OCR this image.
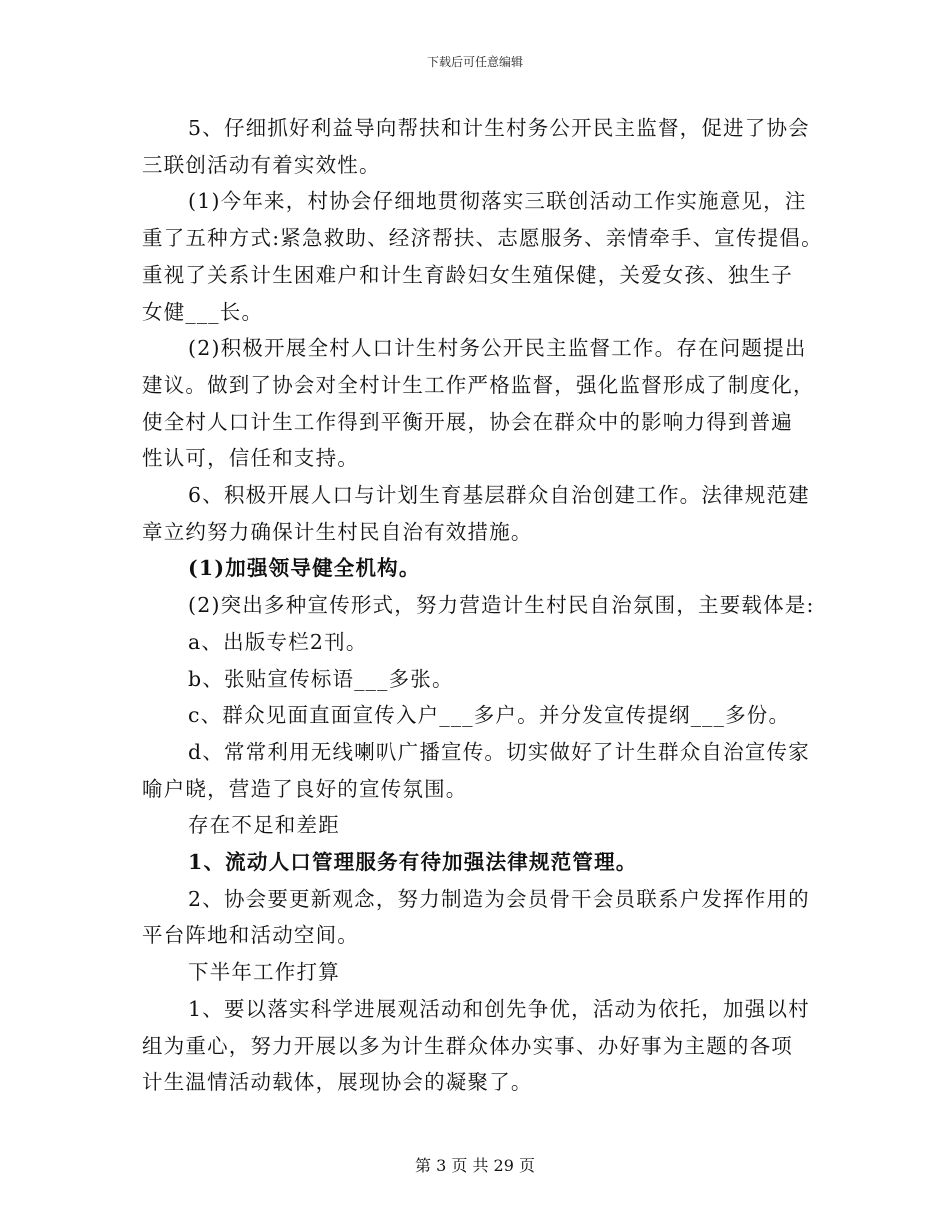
下载后可任意编辑

5、仔细抓好利益导向帮扶和计生村务公开民主监督，促进了协会

三联创活动有着实效性。

(1)今年来，村协会仔细地贯彻落实三联创活动工作实施意见，注

重了五种方式:紧急救助、经济帮扶、志愿服务、亲情牵手、宣传提倡。

重视了关系计生困难户和计生育龄妇女生殖保健，关爱女孩、独生子

女健___长。

(2)积极开展全村人口计生村务公开民主监督工作。存在问题提出

建议。做到了协会对全村计生工作严格监督，强化监督形成了制度化，

使全村人口计生工作得到平衡开展，协会在群众中的影响力得到普遍

性认可，信任和支持。

6、积极开展人口与计划生育基层群众自治创建工作。法律规范建

章立约努力确保计生村民自治有效措施。

(1)加强领导健全机构。

(2)突出多种宣传形式，努力营造计生村民自治氛围，主要载体是:

a、出版专栏2刊。

b、张贴宣传标语___多张。

c、群众见面直面宣传入户___多户。并分发宣传提纲___多份。

d、常常利用无线喇叭广播宣传。切实做好了计生群众自治宣传家

喻户晓，营造了良好的宣传氛围。

存在不足和差距

1、流动人口管理服务有待加强法律规范管理。

2、协会要更新观念，努力制造为会员骨干会员联系户发挥作用的

平台阵地和活动空间。

下半年工作打算

1、要以落实科学进展观活动和创先争优，活动为依托，加强以村

组为重心，努力开展以多为计生群众体办实事、办好事为主题的各项

计生温情活动载体，展现协会的凝聚了。

第 3 页 共 29 页
